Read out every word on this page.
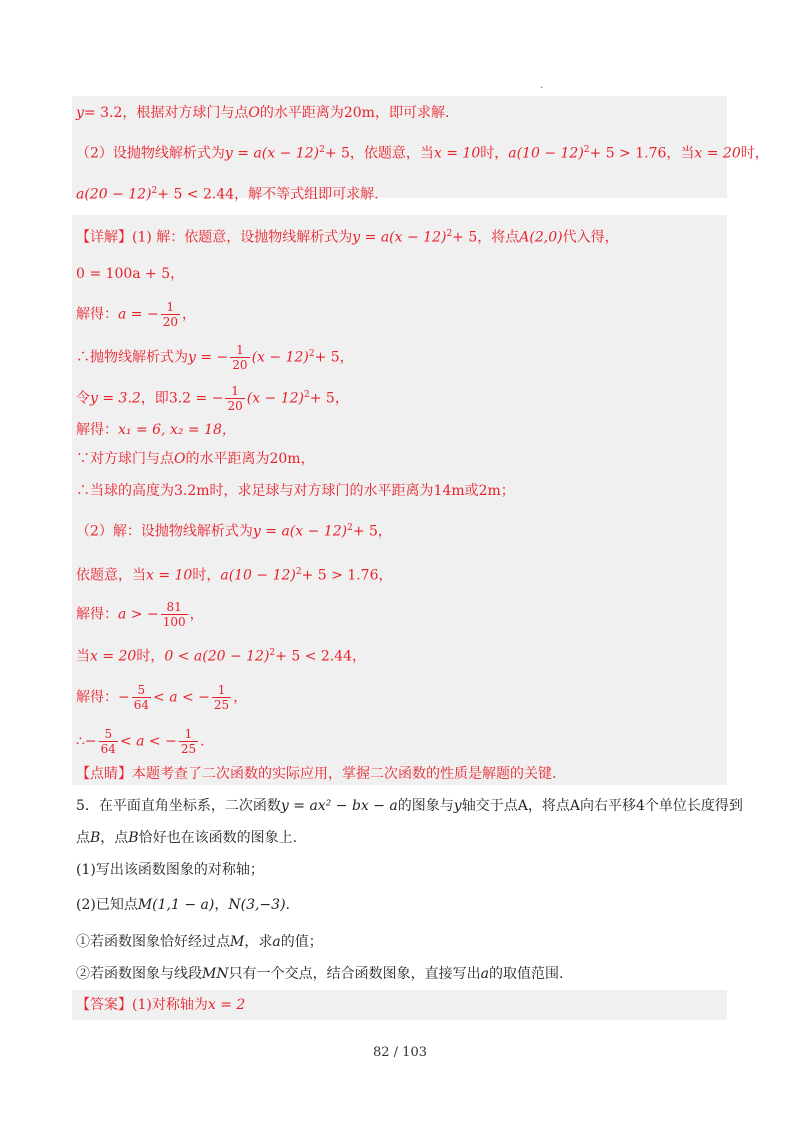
.
y= 3.2，根据对方球门与点O的水平距离为20m，即可求解.
（2）设抛物线解析式为$y = a(x - 12)^2+ 5$，依题意，当x = 10时，$a(10 - 12)^2+ 5 > 1.76$，当x = 20时，
$a(20 - 12)^2+ 5 < 2.44$，解不等式组即可求解.
【详解】(1) 解：依题意，设抛物线解析式为$y = a(x - 12)^2+ 5$，将点A(2,0)代入得，
0 = 100a + 5，
解得：a = − $\frac{1}{20}$ ，
∴抛物线解析式为y = − $\frac{1}{20} (x - 12)^2+ 5$，
令y = 3.2，即3.2 = − $\frac{1}{20} (x - 12)^2+ 5$，
解得：x₁ = 6, x₂ = 18，
∵对方球门与点O的水平距离为20m，
∴当球的高度为3.2m时，求足球与对方球门的水平距离为14m或2m；
（2）解：设抛物线解析式为$y = a(x - 12)^2+ 5$，
依题意，当x = 10时，$a(10 - 12)^2+ 5 > 1.76$，
解得：a > − $\frac{81}{100}$ ，
当x = 20时，$0 < a(20 - 12)^2+ 5 < 2.44$，
解得：− $\frac{5}{64} < a$ < − $\frac{1}{25}$ ，
∴− $\frac{5}{64} < a$ < − $\frac{1}{25}$ .
【点睛】本题考查了二次函数的实际应用，掌握二次函数的性质是解题的关键.
5．在平面直角坐标系，二次函数y = ax² − bx − a的图象与y轴交于点A，将点A向右平移4个单位长度得到
点B，点B恰好也在该函数的图象上.
(1)写出该函数图象的对称轴；
(2)已知点M(1,1 − a)，N(3,−3).
①若函数图象恰好经过点M，求a的值；
②若函数图象与线段MN只有一个交点，结合函数图象，直接写出a的取值范围.
【答案】(1)对称轴为x = 2
82 / 103
